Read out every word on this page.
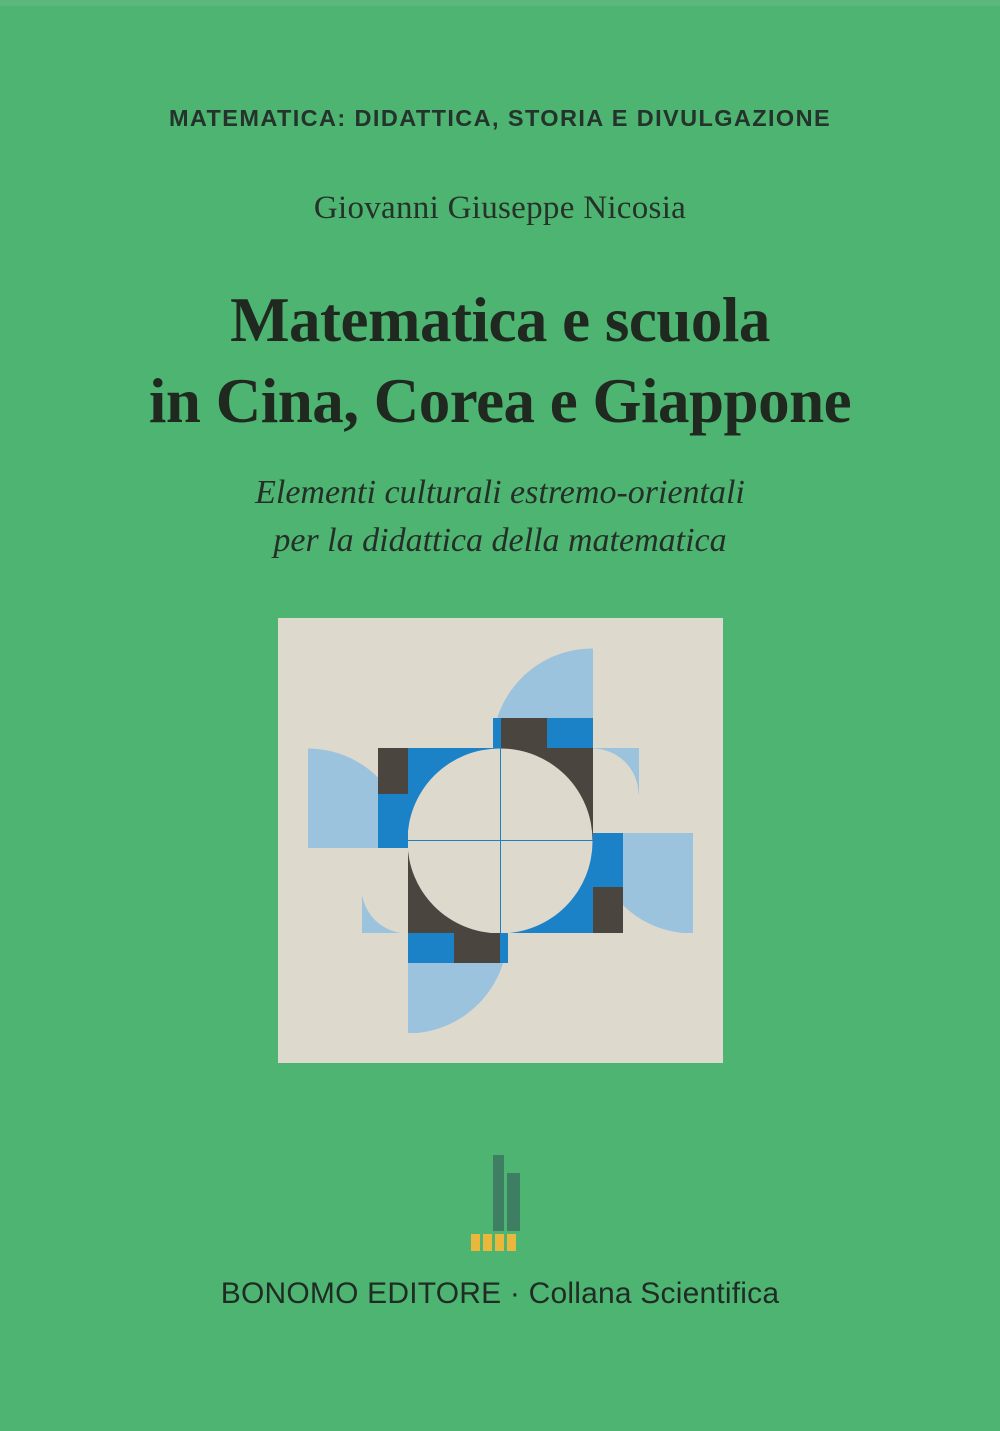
MATEMATICA: DIDATTICA, STORIA E DIVULGAZIONE
Giovanni Giuseppe Nicosia
Matematica e scuola
in Cina, Corea e Giappone
Elementi culturali estremo-orientali
per la didattica della matematica
BONOMO EDITORE · Collana Scientifica
